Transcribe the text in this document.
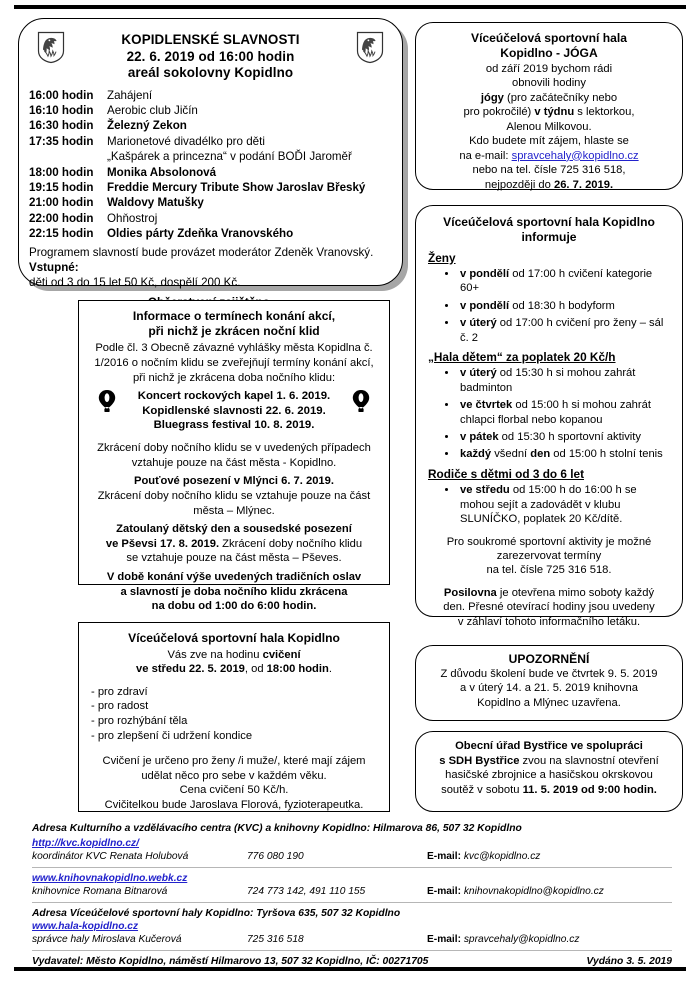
KOPIDLENSKÉ SLAVNOSTI
22. 6. 2019 od 16:00 hodin
areál sokolovny Kopidlno
16:00 hodin	Zahájení
16:10 hodin	Aerobic club Jičín
16:30 hodin	Železný Zekon
17:35 hodin	Marionetové divadélko pro děti
„Kašpárek a princezna“ v podání BOĎI Jaroměř
18:00 hodin	Monika Absolonová
19:15 hodin	Freddie Mercury Tribute Show Jaroslav Břeský
21:00 hodin	Waldovy Matušky
22:00 hodin	Ohňostroj
22:15 hodin	Oldies párty Zdeňka Vranovského
Programem slavností bude provázet moderátor Zdeněk Vranovský.
Vstupné:
děti od 3 do 15 let 50 Kč, dospělí 200 Kč.
Informace o termínech konání akcí,
při nichž je zkrácen noční klid

Podle čl. 3 Obecně závazné vyhlášky města Kopidlna č. 1/2016 o nočním klidu se zveřejňují termíny konání akcí, při nichž je zkrácena doba nočního klidu:

Koncert rockových kapel 1. 6. 2019.
Kopidlenské slavnosti 22. 6. 2019.
Bluegrass festival 10. 8. 2019.

Zkrácení doby nočního klidu se v uvedených případech vztahuje pouze na část města - Kopidlno.

Pouťové posezení v Mlýnci 6. 7. 2019.

Zkrácení doby nočního klidu se vztahuje pouze na část města – Mlýnec.

Zatoulaný dětský den a sousedské posezení
ve Pševsi 17. 8. 2019. Zkrácení doby nočního klidu
se vztahuje pouze na část města – Pševes.

V době konání výše uvedených tradičních oslav
a slavností je doba nočního klidu zkrácena
na dobu od 1:00 do 6:00 hodin.

Víceúčelová sportovní hala Kopidlno
Vás zve na hodinu cvičení
ve středu 22. 5. 2019, od 18:00 hodin.
- pro zdraví
- pro radost
- pro rozhýbání těla
- pro zlepšení či udržení kondice
Cvičení je určeno pro ženy /i muže/, které mají zájem
udělat něco pro sebe v každém věku.
Cena cvičení 50 Kč/h.
Cvičitelkou bude Jaroslava Florová, fyzioterapeutka.
Víceúčelová sportovní hala
Kopidlno - JÓGA
od září 2019 bychom rádi
obnovili hodiny
jógy (pro začátečníky nebo
pro pokročilé) v týdnu s lektorkou,
Alenou Milkovou.
Kdo budete mít zájem, hlaste se
na e-mail: spravcehaly@kopidlno.cz
nebo na tel. čísle 725 316 518,
nejpozději do 26. 7. 2019.
Víceúčelová sportovní hala Kopidlno
informuje
Ženy
• v pondělí od 17:00 h cvičení kategorie 60+
• v pondělí od 18:30 h bodyform
• v úterý od 17:00 h cvičení pro ženy – sál č. 2
„Hala dětem“ za poplatek 20 Kč/h
• v úterý od 15:30 h si mohou zahrát badminton
• ve čtvrtek od 15:00 h si mohou zahrát chlapci florbal nebo kopanou
• v pátek od 15:30 h sportovní aktivity
• každý všední den od 15:00 h stolní tenis
Rodiče s dětmi od 3 do 6 let
• ve středu od 15:00 h do 16:00 h se mohou sejít a zadovádět v klubu SLUNÍČKO, poplatek 20 Kč/dítě.
Pro soukromé sportovní aktivity je možné
zarezervovat termíny
na tel. čísle 725 316 518.
Posilovna je otevřena mimo soboty každý
den. Přesné otevírací hodiny jsou uvedeny
v záhlaví tohoto informačního letáku.
UPOZORNĚNÍ
Z důvodu školení bude ve čtvrtek 9. 5. 2019
a v úterý 14. a 21. 5. 2019 knihovna
Kopidlno a Mlýnec uzavřena.
Obecní úřad Bystřice ve spolupráci
s SDH Bystřice zvou na slavnostní otevření
hasičské zbrojnice a hasičskou okrskovou
soutěž v sobotu 11. 5. 2019 od 9:00 hodin.
Adresa Kulturního a vzdělávacího centra (KVC) a knihovny Kopidlno: Hilmarova 86, 507 32 Kopidlno
http://kvc.kopidlno.cz/
koordinátor KVC Renata Holubová	776 080 190	E-mail: kvc@kopidlno.cz
www.knihovnakopidlno.webk.cz
knihovnice Romana Bitnarová	724 773 142, 491 110 155	E-mail: knihovnakopidlno@kopidlno.cz
Adresa Víceúčelové sportovní haly Kopidlno: Tyršova 635, 507 32 Kopidlno
www.hala-kopidlno.cz
správce haly Miroslava Kučerová	725 316 518	E-mail: spravcehaly@kopidlno.cz
Vydavatel: Město Kopidlno, náměstí Hilmarovo 13, 507 32 Kopidlno, IČ: 00271705	Vydáno 3. 5. 2019
